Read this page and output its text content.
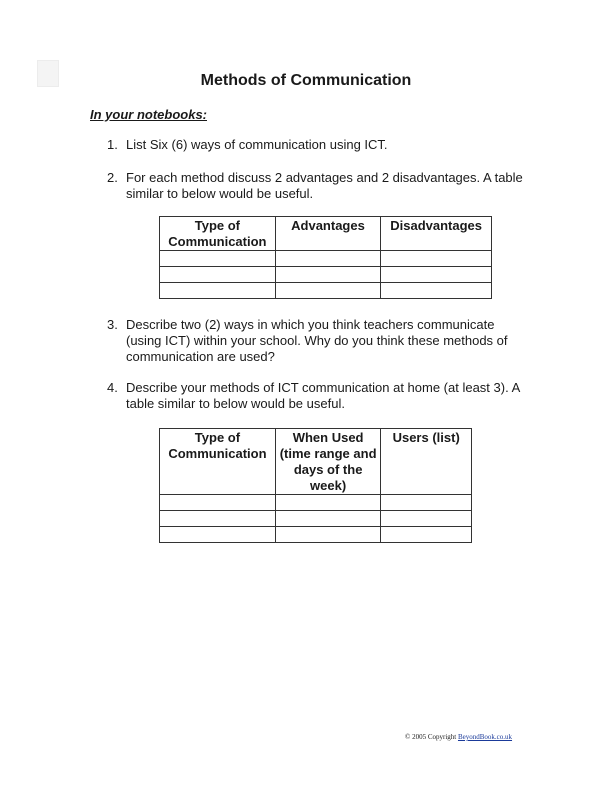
Methods of Communication
In your notebooks:
1. List Six (6) ways of communication using ICT.
2. For each method discuss 2 advantages and 2 disadvantages. A table similar to below would be useful.
Type of Communication	Advantages	Disadvantages

3. Describe two (2) ways in which you think teachers communicate (using ICT) within your school. Why do you think these methods of communication are used?
4. Describe your methods of ICT communication at home (at least 3). A table similar to below would be useful.
Type of Communication	When Used (time range and days of the week)	Users (list)

© 2005 Copyright BeyondBook.co.uk
